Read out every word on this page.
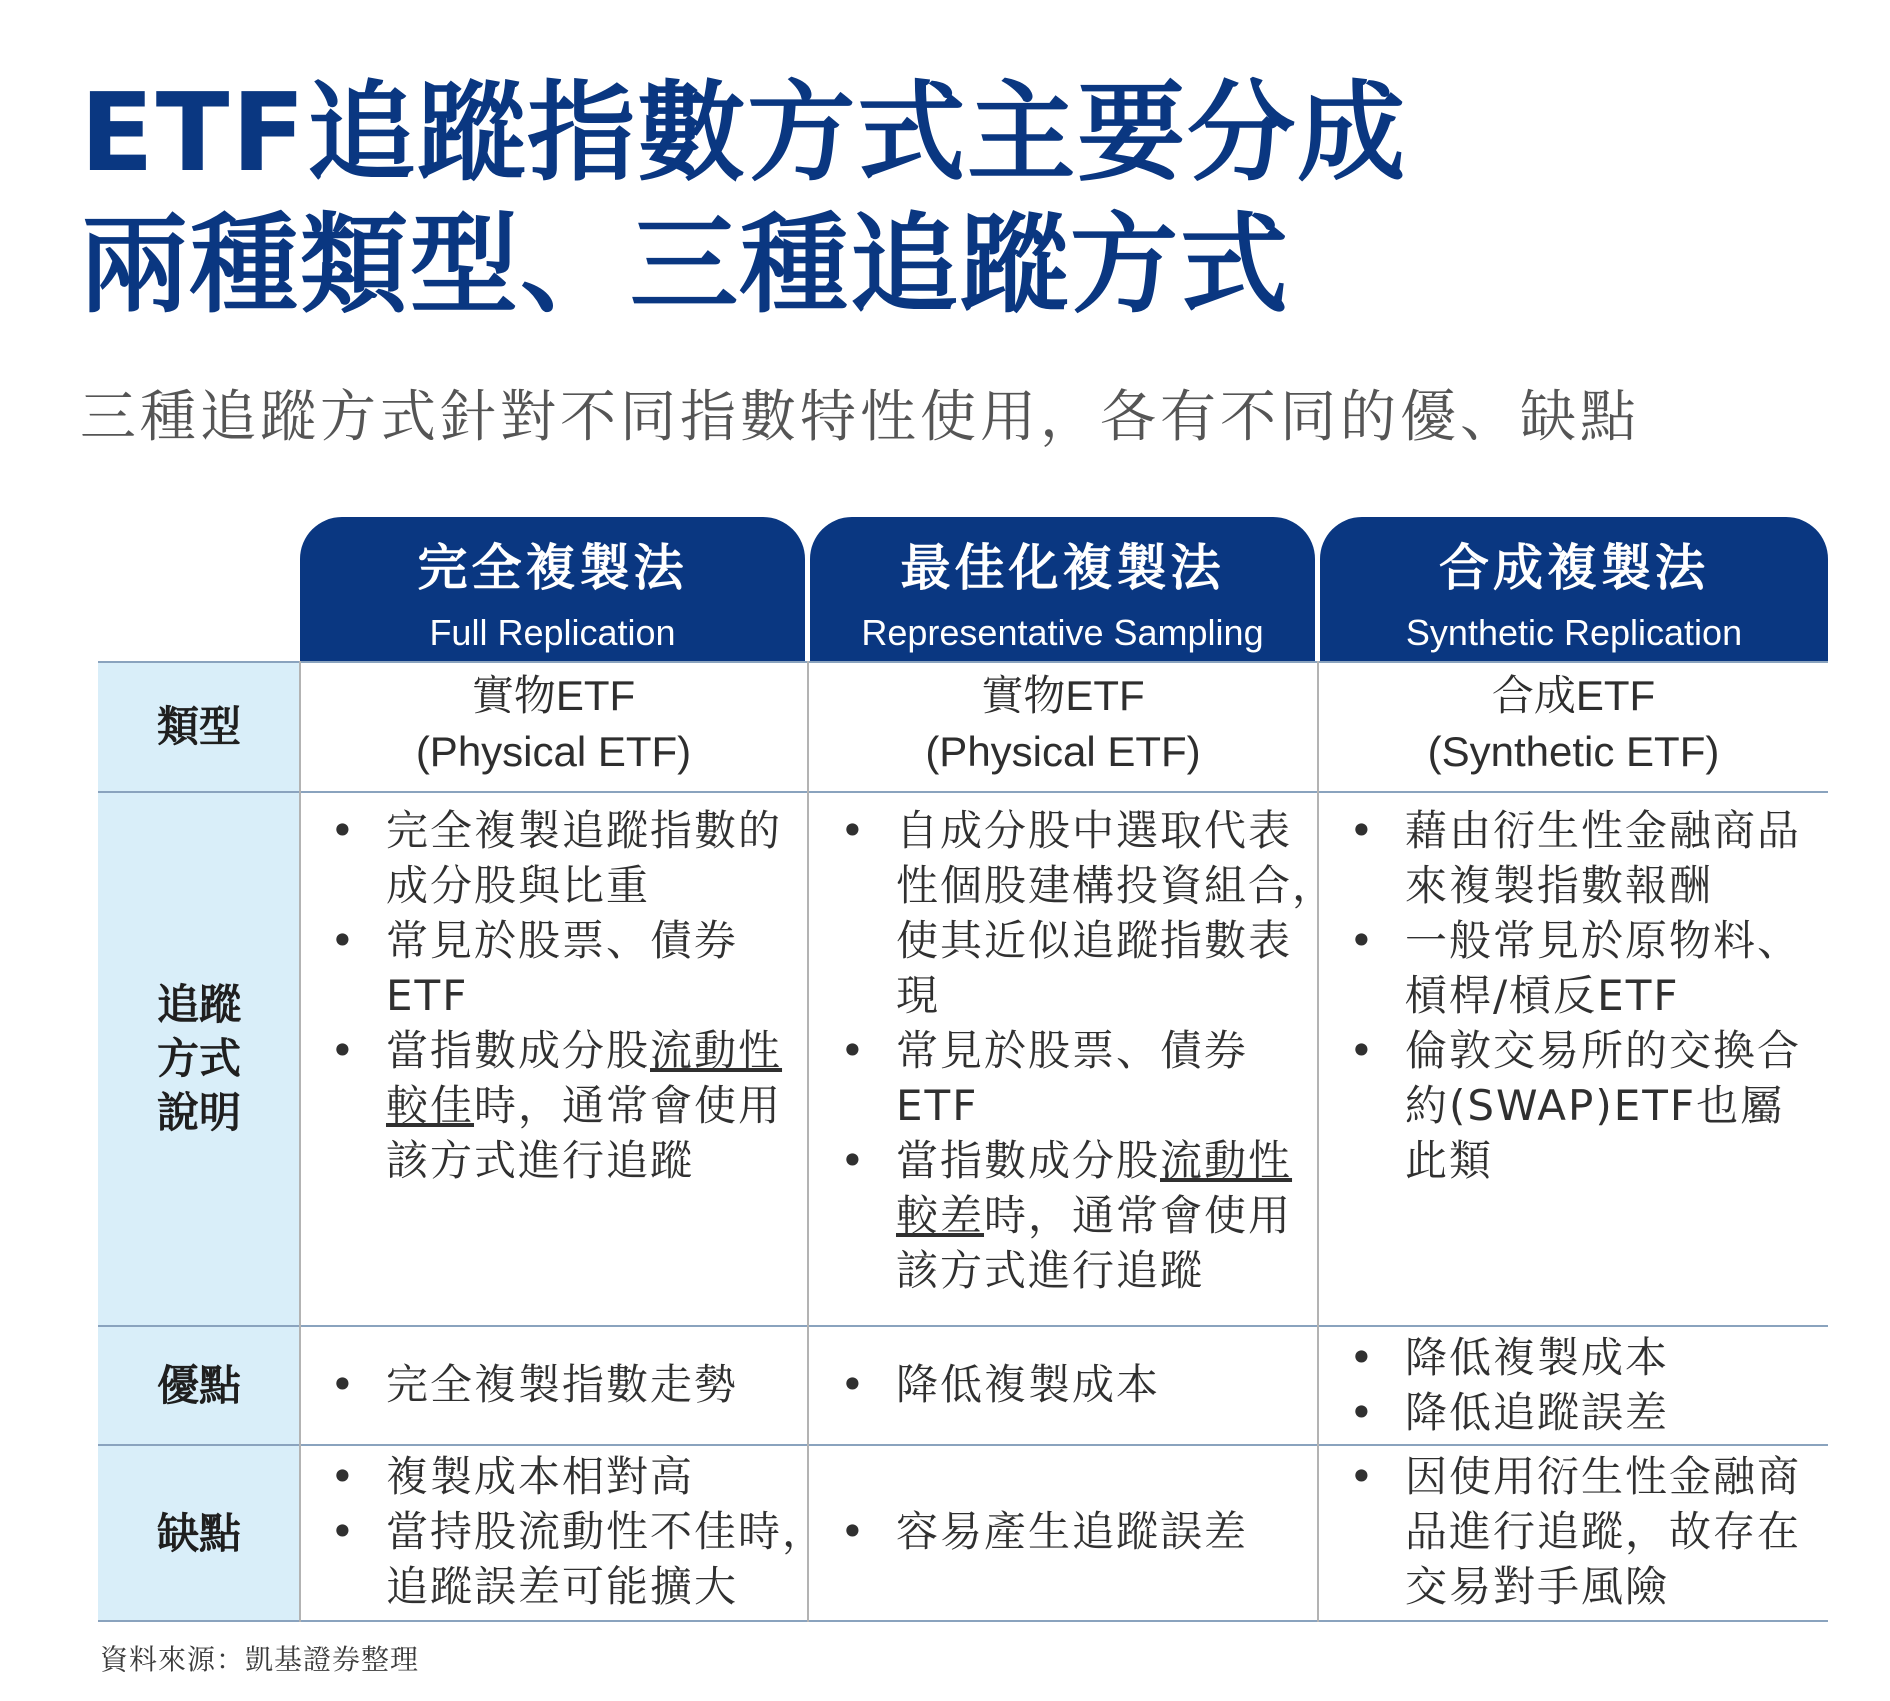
ETF追蹤指數方式主要分成
兩種類型、三種追蹤方式
三種追蹤方式針對不同指數特性使用，各有不同的優、缺點
完全複製法
Full Replication
最佳化複製法
Representative Sampling
合成複製法
Synthetic Replication
類型
追蹤
方式
說明
優點
缺點
實物ETF
(Physical ETF)
實物ETF
(Physical ETF)
合成ETF
(Synthetic ETF)
• 完全複製追蹤指數的
成分股與比重
• 常見於股票、債券
ETF
• 當指數成分股流動性
較佳時，通常會使用
該方式進行追蹤
• 自成分股中選取代表
性個股建構投資組合，
使其近似追蹤指數表
現
• 常見於股票、債券
ETF
• 當指數成分股流動性
較差時，通常會使用
該方式進行追蹤
• 藉由衍生性金融商品
來複製指數報酬
• 一般常見於原物料、
槓桿/槓反ETF
• 倫敦交易所的交換合
約(SWAP)ETF也屬
此類
• 完全複製指數走勢
•	降低複製成本
• 降低複製成本
• 降低追蹤誤差
• 複製成本相對高
• 當持股流動性不佳時，
追蹤誤差可能擴大
• 容易產生追蹤誤差
• 因使用衍生性金融商
品進行追蹤，故存在
交易對手風險
資料來源：凱基證券整理
